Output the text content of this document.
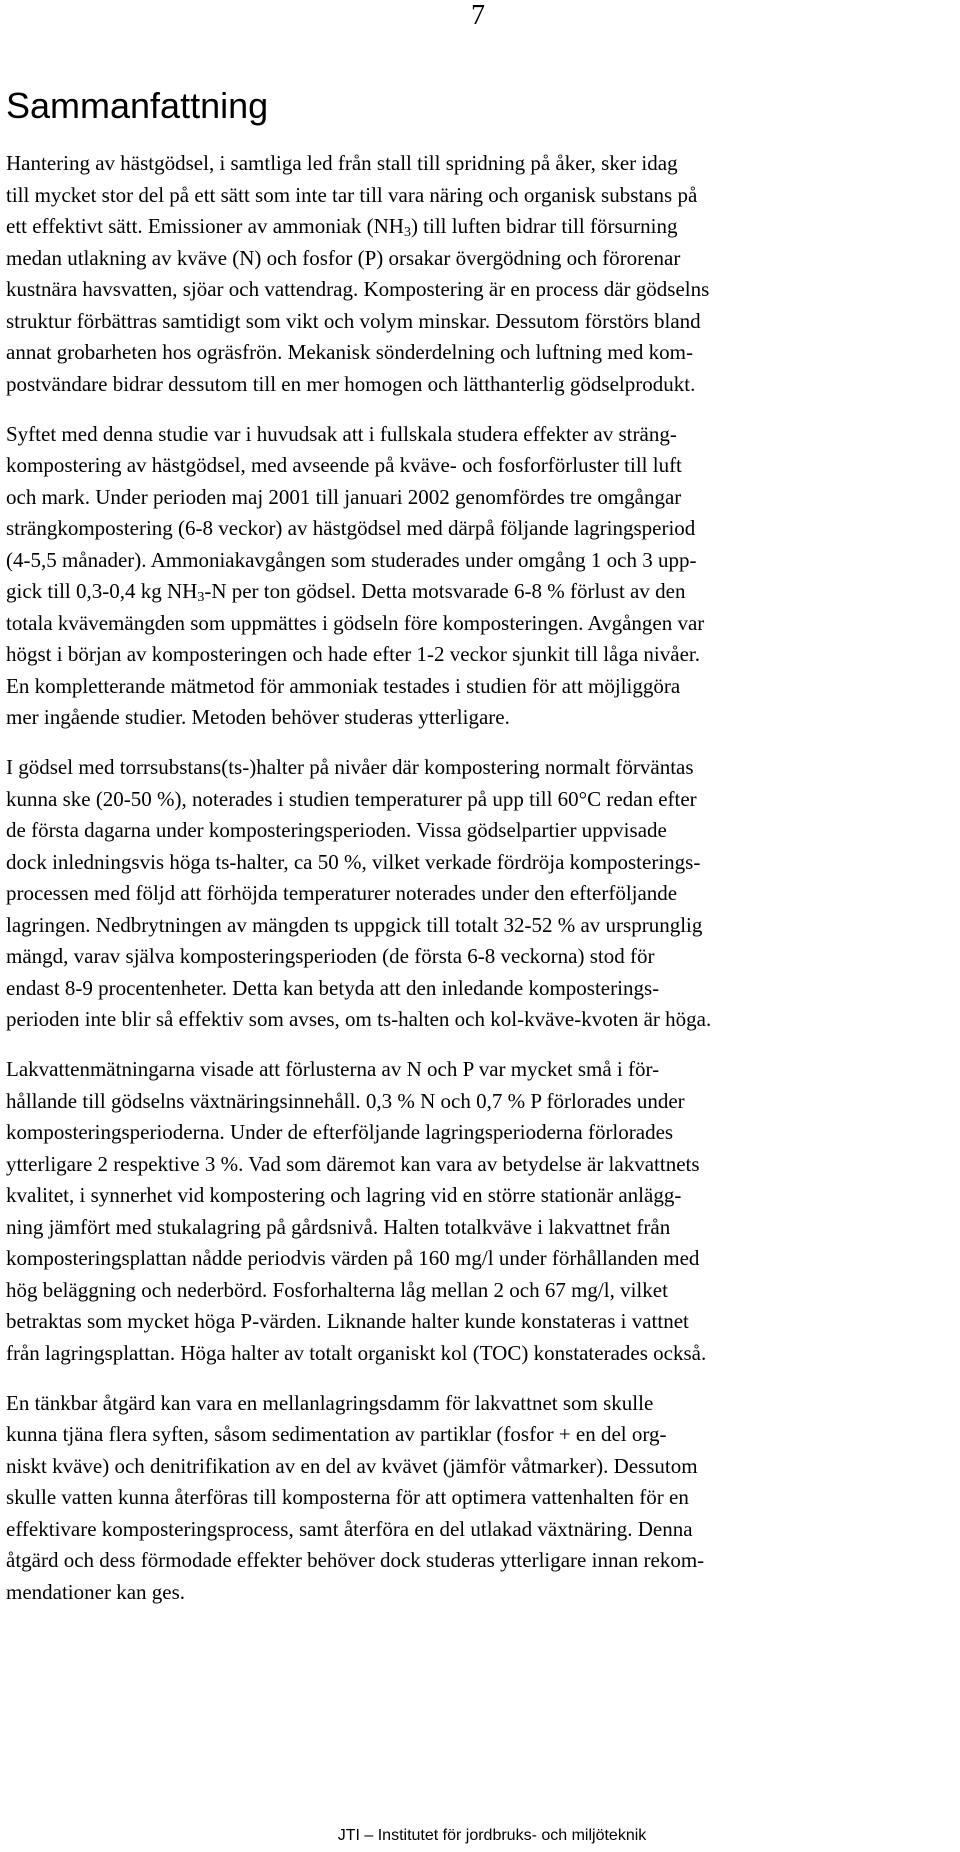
7
Sammanfattning

Hantering av hästgödsel, i samtliga led från stall till spridning på åker, sker idag
till mycket stor del på ett sätt som inte tar till vara näring och organisk substans på
ett effektivt sätt. Emissioner av ammoniak $(NH_3)$ till luften bidrar till försurning
medan utlakning av kväve (N) och fosfor (P) orsakar övergödning och förorenar
kustnära havsvatten, sjöar och vattendrag. Kompostering är en process där gödselns
struktur förbättras samtidigt som vikt och volym minskar. Dessutom förstörs bland
annat grobarheten hos ogräsfrön. Mekanisk sönderdelning och luftning med kom-
postvändare bidrar dessutom till en mer homogen och lätthanterlig gödselprodukt.

Syftet med denna studie var i huvudsak att i fullskala studera effekter av sträng-
kompostering av hästgödsel, med avseende på kväve- och fosforförluster till luft
och mark. Under perioden maj 2001 till januari 2002 genomfördes tre omgångar
strängkompostering (6-8 veckor) av hästgödsel med därpå följande lagringsperiod
(4-5,5 månader). Ammoniakavgången som studerades under omgång 1 och 3 upp-
gick till 0,3-0,4 kg $NH_3-N$ per ton gödsel. Detta motsvarade 6-8 % förlust av den
totala kvävemängden som uppmättes i gödseln före komposteringen. Avgången var
högst i början av komposteringen och hade efter 1-2 veckor sjunkit till låga nivåer.
En kompletterande mätmetod för ammoniak testades i studien för att möjliggöra
mer ingående studier. Metoden behöver studeras ytterligare.

I gödsel med torrsubstans(ts-)halter på nivåer där kompostering normalt förväntas
kunna ske (20-50 %), noterades i studien temperaturer på upp till 60°C redan efter
de första dagarna under komposteringsperioden. Vissa gödselpartier uppvisade
dock inledningsvis höga ts-halter, ca 50 %, vilket verkade fördröja komposterings-
processen med följd att förhöjda temperaturer noterades under den efterföljande
lagringen. Nedbrytningen av mängden ts uppgick till totalt 32-52 % av ursprunglig
mängd, varav själva komposteringsperioden (de första 6-8 veckorna) stod för
endast 8-9 procentenheter. Detta kan betyda att den inledande komposterings-
perioden inte blir så effektiv som avses, om ts-halten och kol-kväve-kvoten är höga.

Lakvattenmätningarna visade att förlusterna av N och P var mycket små i för-
hållande till gödselns växtnäringsinnehåll. 0,3 % N och 0,7 % P förlorades under
komposteringsperioderna. Under de efterföljande lagringsperioderna förlorades
ytterligare 2 respektive 3 %. Vad som däremot kan vara av betydelse är lakvattnets
kvalitet, i synnerhet vid kompostering och lagring vid en större stationär anlägg-
ning jämfört med stukalagring på gårdsnivå. Halten totalkväve i lakvattnet från
komposteringsplattan nådde periodvis värden på 160 mg/l under förhållanden med
hög beläggning och nederbörd. Fosforhalterna låg mellan 2 och 67 mg/l, vilket
betraktas som mycket höga P-värden. Liknande halter kunde konstateras i vattnet
från lagringsplattan. Höga halter av totalt organiskt kol (TOC) konstaterades också.

En tänkbar åtgärd kan vara en mellanlagringsdamm för lakvattnet som skulle
kunna tjäna flera syften, såsom sedimentation av partiklar (fosfor + en del org-
niskt kväve) och denitrifikation av en del av kvävet (jämför våtmarker). Dessutom
skulle vatten kunna återföras till komposterna för att optimera vattenhalten för en
effektivare komposteringsprocess, samt återföra en del utlakad växtnäring. Denna
åtgärd och dess förmodade effekter behöver dock studeras ytterligare innan rekom-
mendationer kan ges.

JTI – Institutet för jordbruks- och miljöteknik
